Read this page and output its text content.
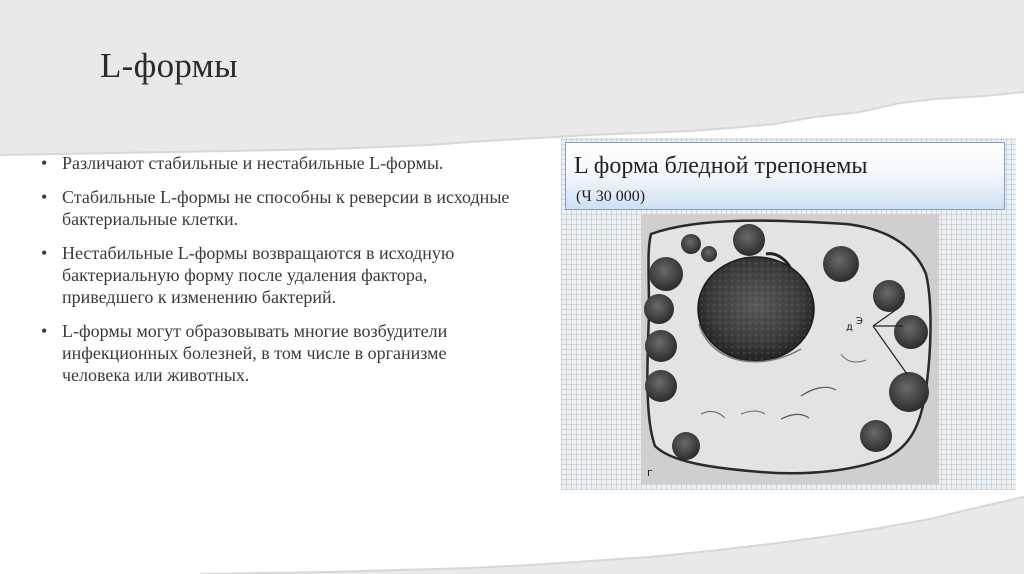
L-формы
• Различают стабильные и нестабильные L-формы.
• Стабильные L-формы не способны к реверсии в исходные бактериальные клетки.
• Нестабильные L-формы возвращаются в исходную бактериальную форму после удаления фактора, приведшего к изменению бактерий.
• L-формы могут образовывать многие возбудители инфекционных болезней, в том числе в организме человека или животных.
L форма бледной трепонемы
(Ч 30 000)
д
Э
г
